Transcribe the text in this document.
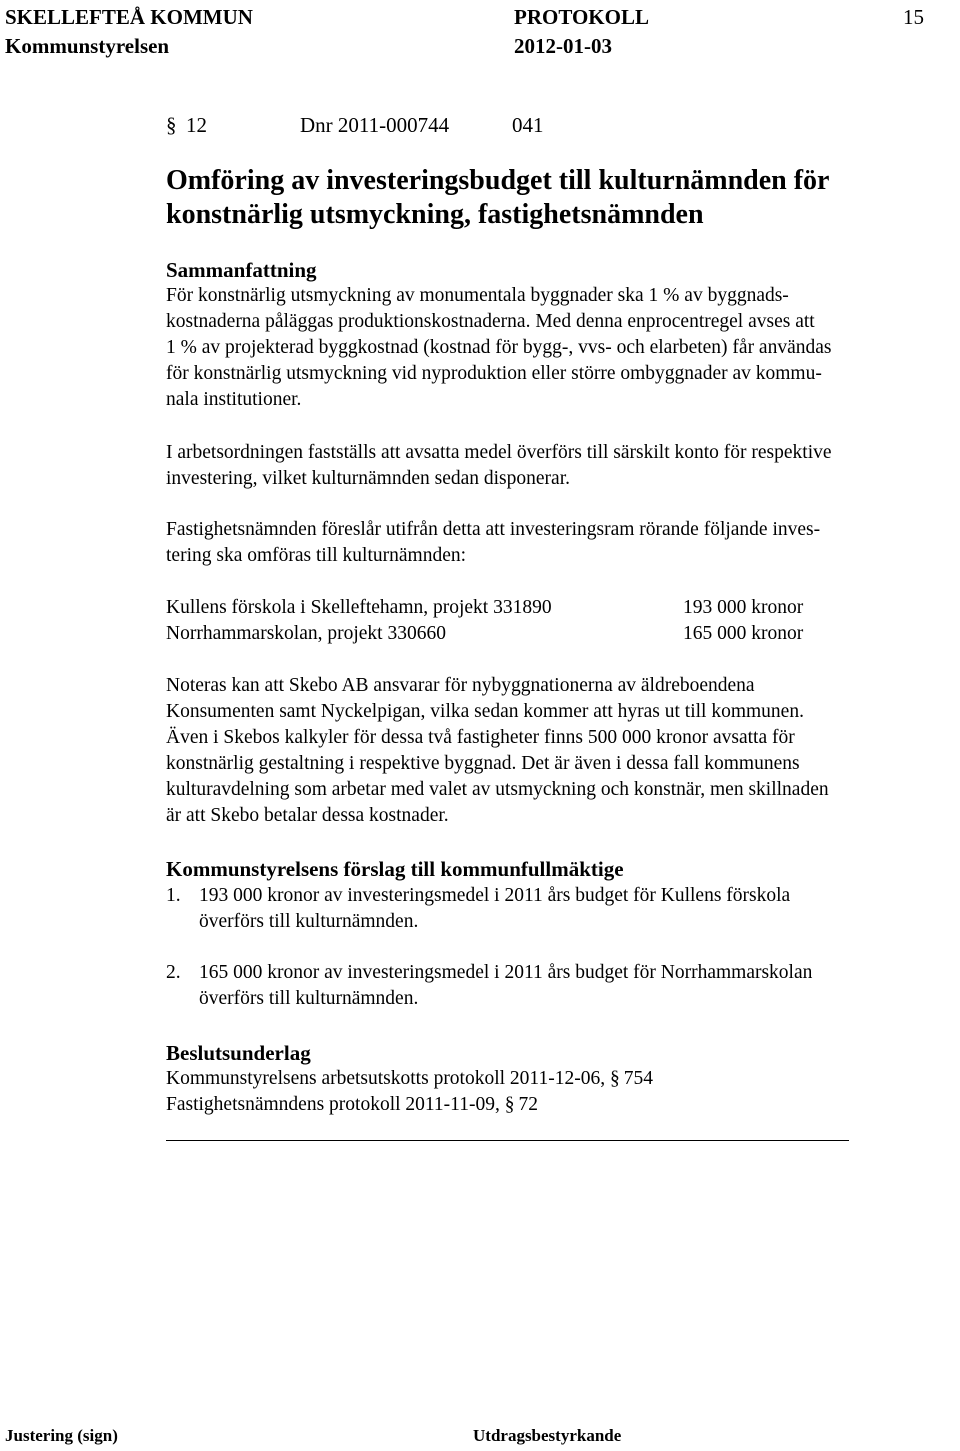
SKELLEFTEÅ KOMMUN	PROTOKOLL	15
Kommunstyrelsen	2012-01-03
§ 12	Dnr 2011-000744	041
Omföring av investeringsbudget till kulturnämnden för
konstnärlig utsmyckning, fastighetsnämnden
Sammanfattning
För konstnärlig utsmyckning av monumentala byggnader ska 1 % av byggnads-
kostnaderna påläggas produktionskostnaderna. Med denna enprocentregel avses att
1 % av projekterad byggkostnad (kostnad för bygg-, vvs- och elarbeten) får användas
för konstnärlig utsmyckning vid nyproduktion eller större ombyggnader av kommu-
nala institutioner.
I arbetsordningen fastställs att avsatta medel överförs till särskilt konto för respektive
investering, vilket kulturnämnden sedan disponerar.
Fastighetsnämnden föreslår utifrån detta att investeringsram rörande följande inves-
tering ska omföras till kulturnämnden:
Kullens förskola i Skelleftehamn, projekt 331890	193 000 kronor
Norrhammarskolan, projekt 330660	165 000 kronor
Noteras kan att Skebo AB ansvarar för nybyggnationerna av äldreboendena
Konsumenten samt Nyckelpigan, vilka sedan kommer att hyras ut till kommunen.
Även i Skebos kalkyler för dessa två fastigheter finns 500 000 kronor avsatta för
konstnärlig gestaltning i respektive byggnad. Det är även i dessa fall kommunens
kulturavdelning som arbetar med valet av utsmyckning och konstnär, men skillnaden
är att Skebo betalar dessa kostnader.
Kommunstyrelsens förslag till kommunfullmäktige
1. 193 000 kronor av investeringsmedel i 2011 års budget för Kullens förskola
överförs till kulturnämnden.
2. 165 000 kronor av investeringsmedel i 2011 års budget för Norrhammarskolan
överförs till kulturnämnden.
Beslutsunderlag
Kommunstyrelsens arbetsutskotts protokoll 2011-12-06, § 754
Fastighetsnämndens protokoll 2011-11-09, § 72
Justering (sign)	Utdragsbestyrkande
